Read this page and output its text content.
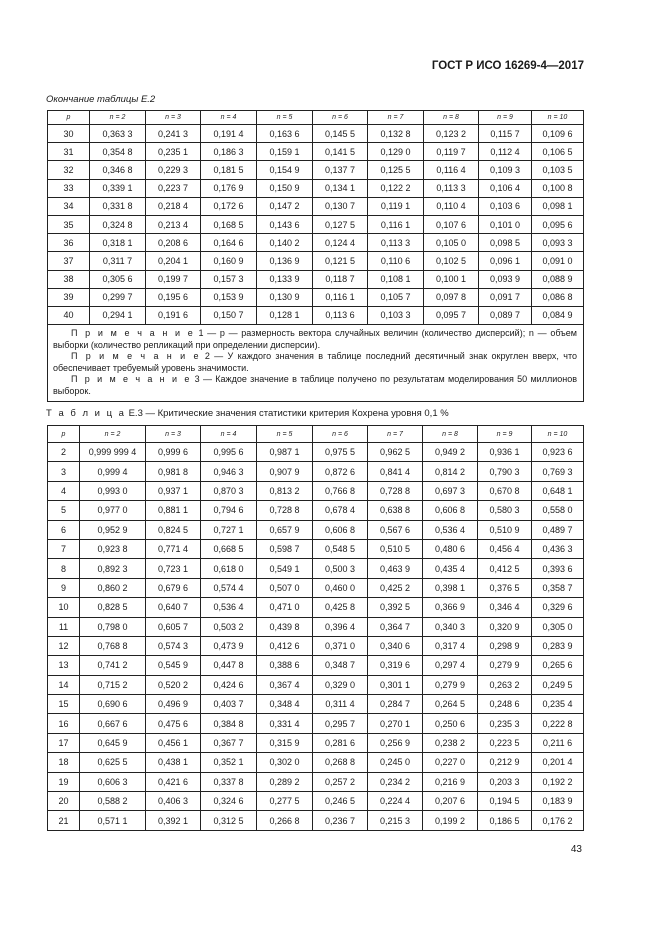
ГОСТ Р ИСО 16269-4—2017
Окончание таблицы Е.2
p	n = 2	n = 3	n = 4	n = 5	n = 6	n = 7	n = 8	n = 9	n = 10
30	0,363 3	0,241 3	0,191 4	0,163 6	0,145 5	0,132 8	0,123 2	0,115 7	0,109 6
31	0,354 8	0,235 1	0,186 3	0,159 1	0,141 5	0,129 0	0,119 7	0,112 4	0,106 5
32	0,346 8	0,229 3	0,181 5	0,154 9	0,137 7	0,125 5	0,116 4	0,109 3	0,103 5
33	0,339 1	0,223 7	0,176 9	0,150 9	0,134 1	0,122 2	0,113 3	0,106 4	0,100 8
34	0,331 8	0,218 4	0,172 6	0,147 2	0,130 7	0,119 1	0,110 4	0,103 6	0,098 1
35	0,324 8	0,213 4	0,168 5	0,143 6	0,127 5	0,116 1	0,107 6	0,101 0	0,095 6
36	0,318 1	0,208 6	0,164 6	0,140 2	0,124 4	0,113 3	0,105 0	0,098 5	0,093 3
37	0,311 7	0,204 1	0,160 9	0,136 9	0,121 5	0,110 6	0,102 5	0,096 1	0,091 0
38	0,305 6	0,199 7	0,157 3	0,133 9	0,118 7	0,108 1	0,100 1	0,093 9	0,088 9
39	0,299 7	0,195 6	0,153 9	0,130 9	0,116 1	0,105 7	0,097 8	0,091 7	0,086 8
40	0,294 1	0,191 6	0,150 7	0,128 1	0,113 6	0,103 3	0,095 7	0,089 7	0,084 9

П р и м е ч а н и е 1 — p — размерность вектора случайных величин (количество дисперсий); n — объем выборки (количество репликаций при определении дисперсии).
П р и м е ч а н и е 2 — У каждого значения в таблице последний десятичный знак округлен вверх, что обеспечивает требуемый уровень значимости.
П р и м е ч а н и е 3 — Каждое значение в таблице получено по результатам моделирования 50 миллионов выборок.									
Т а б л и ц а Е.3 — Критические значения статистики критерия Кохрена уровня 0,1 %
p	n = 2	n = 3	n = 4	n = 5	n = 6	n = 7	n = 8	n = 9	n = 10
2	0,999 999 4	0,999 6	0,995 6	0,987 1	0,975 5	0,962 5	0,949 2	0,936 1	0,923 6
3	0,999 4	0,981 8	0,946 3	0,907 9	0,872 6	0,841 4	0,814 2	0,790 3	0,769 3
4	0,993 0	0,937 1	0,870 3	0,813 2	0,766 8	0,728 8	0,697 3	0,670 8	0,648 1
5	0,977 0	0,881 1	0,794 6	0,728 8	0,678 4	0,638 8	0,606 8	0,580 3	0,558 0
6	0,952 9	0,824 5	0,727 1	0,657 9	0,606 8	0,567 6	0,536 4	0,510 9	0,489 7
7	0,923 8	0,771 4	0,668 5	0,598 7	0,548 5	0,510 5	0,480 6	0,456 4	0,436 3
8	0,892 3	0,723 1	0,618 0	0,549 1	0,500 3	0,463 9	0,435 4	0,412 5	0,393 6
9	0,860 2	0,679 6	0,574 4	0,507 0	0,460 0	0,425 2	0,398 1	0,376 5	0,358 7
10	0,828 5	0,640 7	0,536 4	0,471 0	0,425 8	0,392 5	0,366 9	0,346 4	0,329 6
11	0,798 0	0,605 7	0,503 2	0,439 8	0,396 4	0,364 7	0,340 3	0,320 9	0,305 0
12	0,768 8	0,574 3	0,473 9	0,412 6	0,371 0	0,340 6	0,317 4	0,298 9	0,283 9
13	0,741 2	0,545 9	0,447 8	0,388 6	0,348 7	0,319 6	0,297 4	0,279 9	0,265 6
14	0,715 2	0,520 2	0,424 6	0,367 4	0,329 0	0,301 1	0,279 9	0,263 2	0,249 5
15	0,690 6	0,496 9	0,403 7	0,348 4	0,311 4	0,284 7	0,264 5	0,248 6	0,235 4
16	0,667 6	0,475 6	0,384 8	0,331 4	0,295 7	0,270 1	0,250 6	0,235 3	0,222 8
17	0,645 9	0,456 1	0,367 7	0,315 9	0,281 6	0,256 9	0,238 2	0,223 5	0,211 6
18	0,625 5	0,438 1	0,352 1	0,302 0	0,268 8	0,245 0	0,227 0	0,212 9	0,201 4
19	0,606 3	0,421 6	0,337 8	0,289 2	0,257 2	0,234 2	0,216 9	0,203 3	0,192 2
20	0,588 2	0,406 3	0,324 6	0,277 5	0,246 5	0,224 4	0,207 6	0,194 5	0,183 9
21	0,571 1	0,392 1	0,312 5	0,266 8	0,236 7	0,215 3	0,199 2	0,186 5	0,176 2
43
